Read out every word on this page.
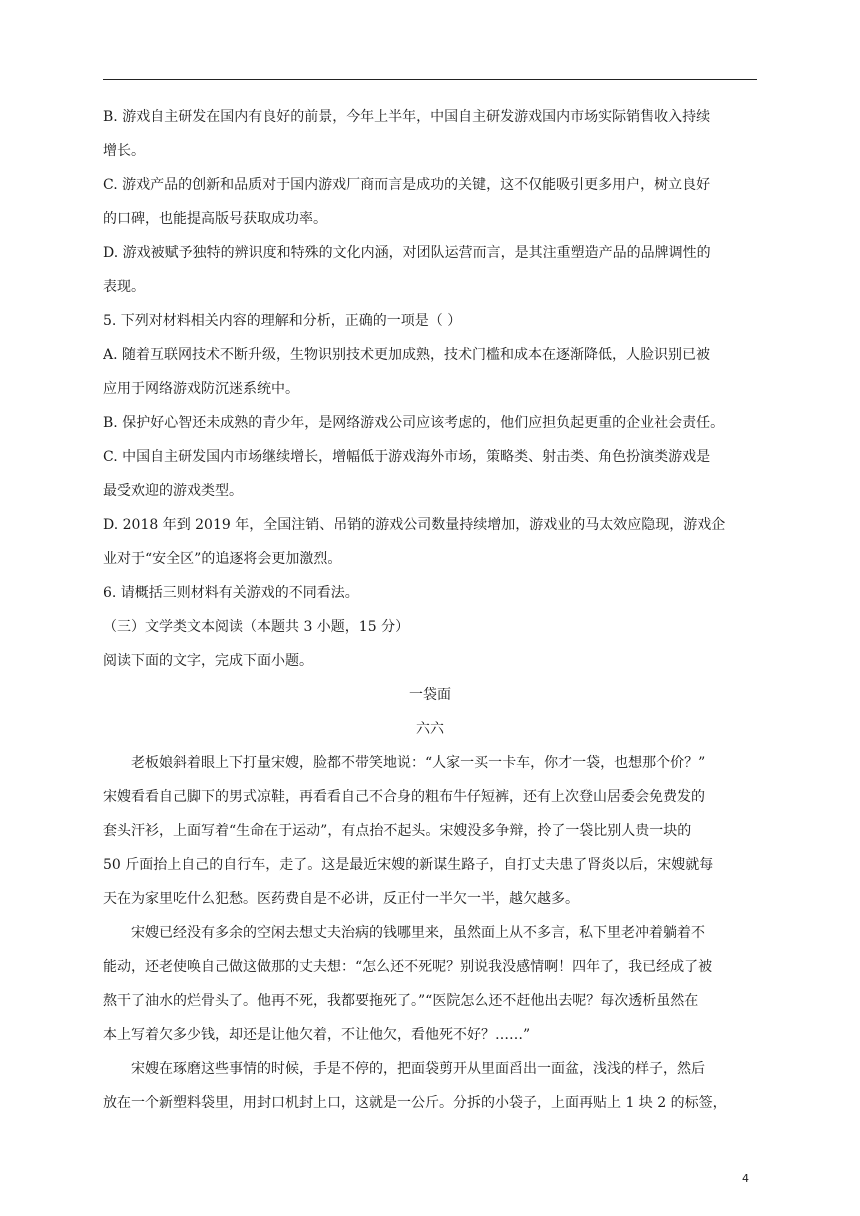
B. 游戏自主研发在国内有良好的前景，今年上半年，中国自主研发游戏国内市场实际销售收入持续
增长。
C. 游戏产品的创新和品质对于国内游戏厂商而言是成功的关键，这不仅能吸引更多用户，树立良好
的口碑，也能提高版号获取成功率。
D. 游戏被赋予独特的辨识度和特殊的文化内涵，对团队运营而言，是其注重塑造产品的品牌调性的
表现。
5. 下列对材料相关内容的理解和分析，正确的一项是（ ）
A. 随着互联网技术不断升级，生物识别技术更加成熟，技术门槛和成本在逐渐降低，人脸识别已被
应用于网络游戏防沉迷系统中。
B. 保护好心智还未成熟的青少年，是网络游戏公司应该考虑的，他们应担负起更重的企业社会责任。
C. 中国自主研发国内市场继续增长，增幅低于游戏海外市场，策略类、射击类、角色扮演类游戏是
最受欢迎的游戏类型。
D. 2018 年到 2019 年，全国注销、吊销的游戏公司数量持续增加，游戏业的马太效应隐现，游戏企
业对于“安全区”的追逐将会更加激烈。
6. 请概括三则材料有关游戏的不同看法。
（三）文学类文本阅读（本题共 3 小题，15 分）
阅读下面的文字，完成下面小题。
一袋面
六六
老板娘斜着眼上下打量宋嫂，脸都不带笑地说：“人家一买一卡车，你才一袋，也想那个价？”
宋嫂看看自己脚下的男式凉鞋，再看看自己不合身的粗布牛仔短裤，还有上次登山居委会免费发的
套头汗衫，上面写着“生命在于运动”，有点抬不起头。宋嫂没多争辩，拎了一袋比别人贵一块的
50 斤面抬上自己的自行车，走了。这是最近宋嫂的新谋生路子，自打丈夫患了肾炎以后，宋嫂就每
天在为家里吃什么犯愁。医药费自是不必讲，反正付一半欠一半，越欠越多。
宋嫂已经没有多余的空闲去想丈夫治病的钱哪里来，虽然面上从不多言，私下里老冲着躺着不
能动，还老使唤自己做这做那的丈夫想：“怎么还不死呢？别说我没感情啊！四年了，我已经成了被
熬干了油水的烂骨头了。他再不死，我都要拖死了。”“医院怎么还不赶他出去呢？每次透析虽然在
本上写着欠多少钱，却还是让他欠着，不让他欠，看他死不好？……”
宋嫂在琢磨这些事情的时候，手是不停的，把面袋剪开从里面舀出一面盆，浅浅的样子，然后
放在一个新塑料袋里，用封口机封上口，这就是一公斤。分拆的小袋子，上面再贴上 1 块 2 的标签，
4
